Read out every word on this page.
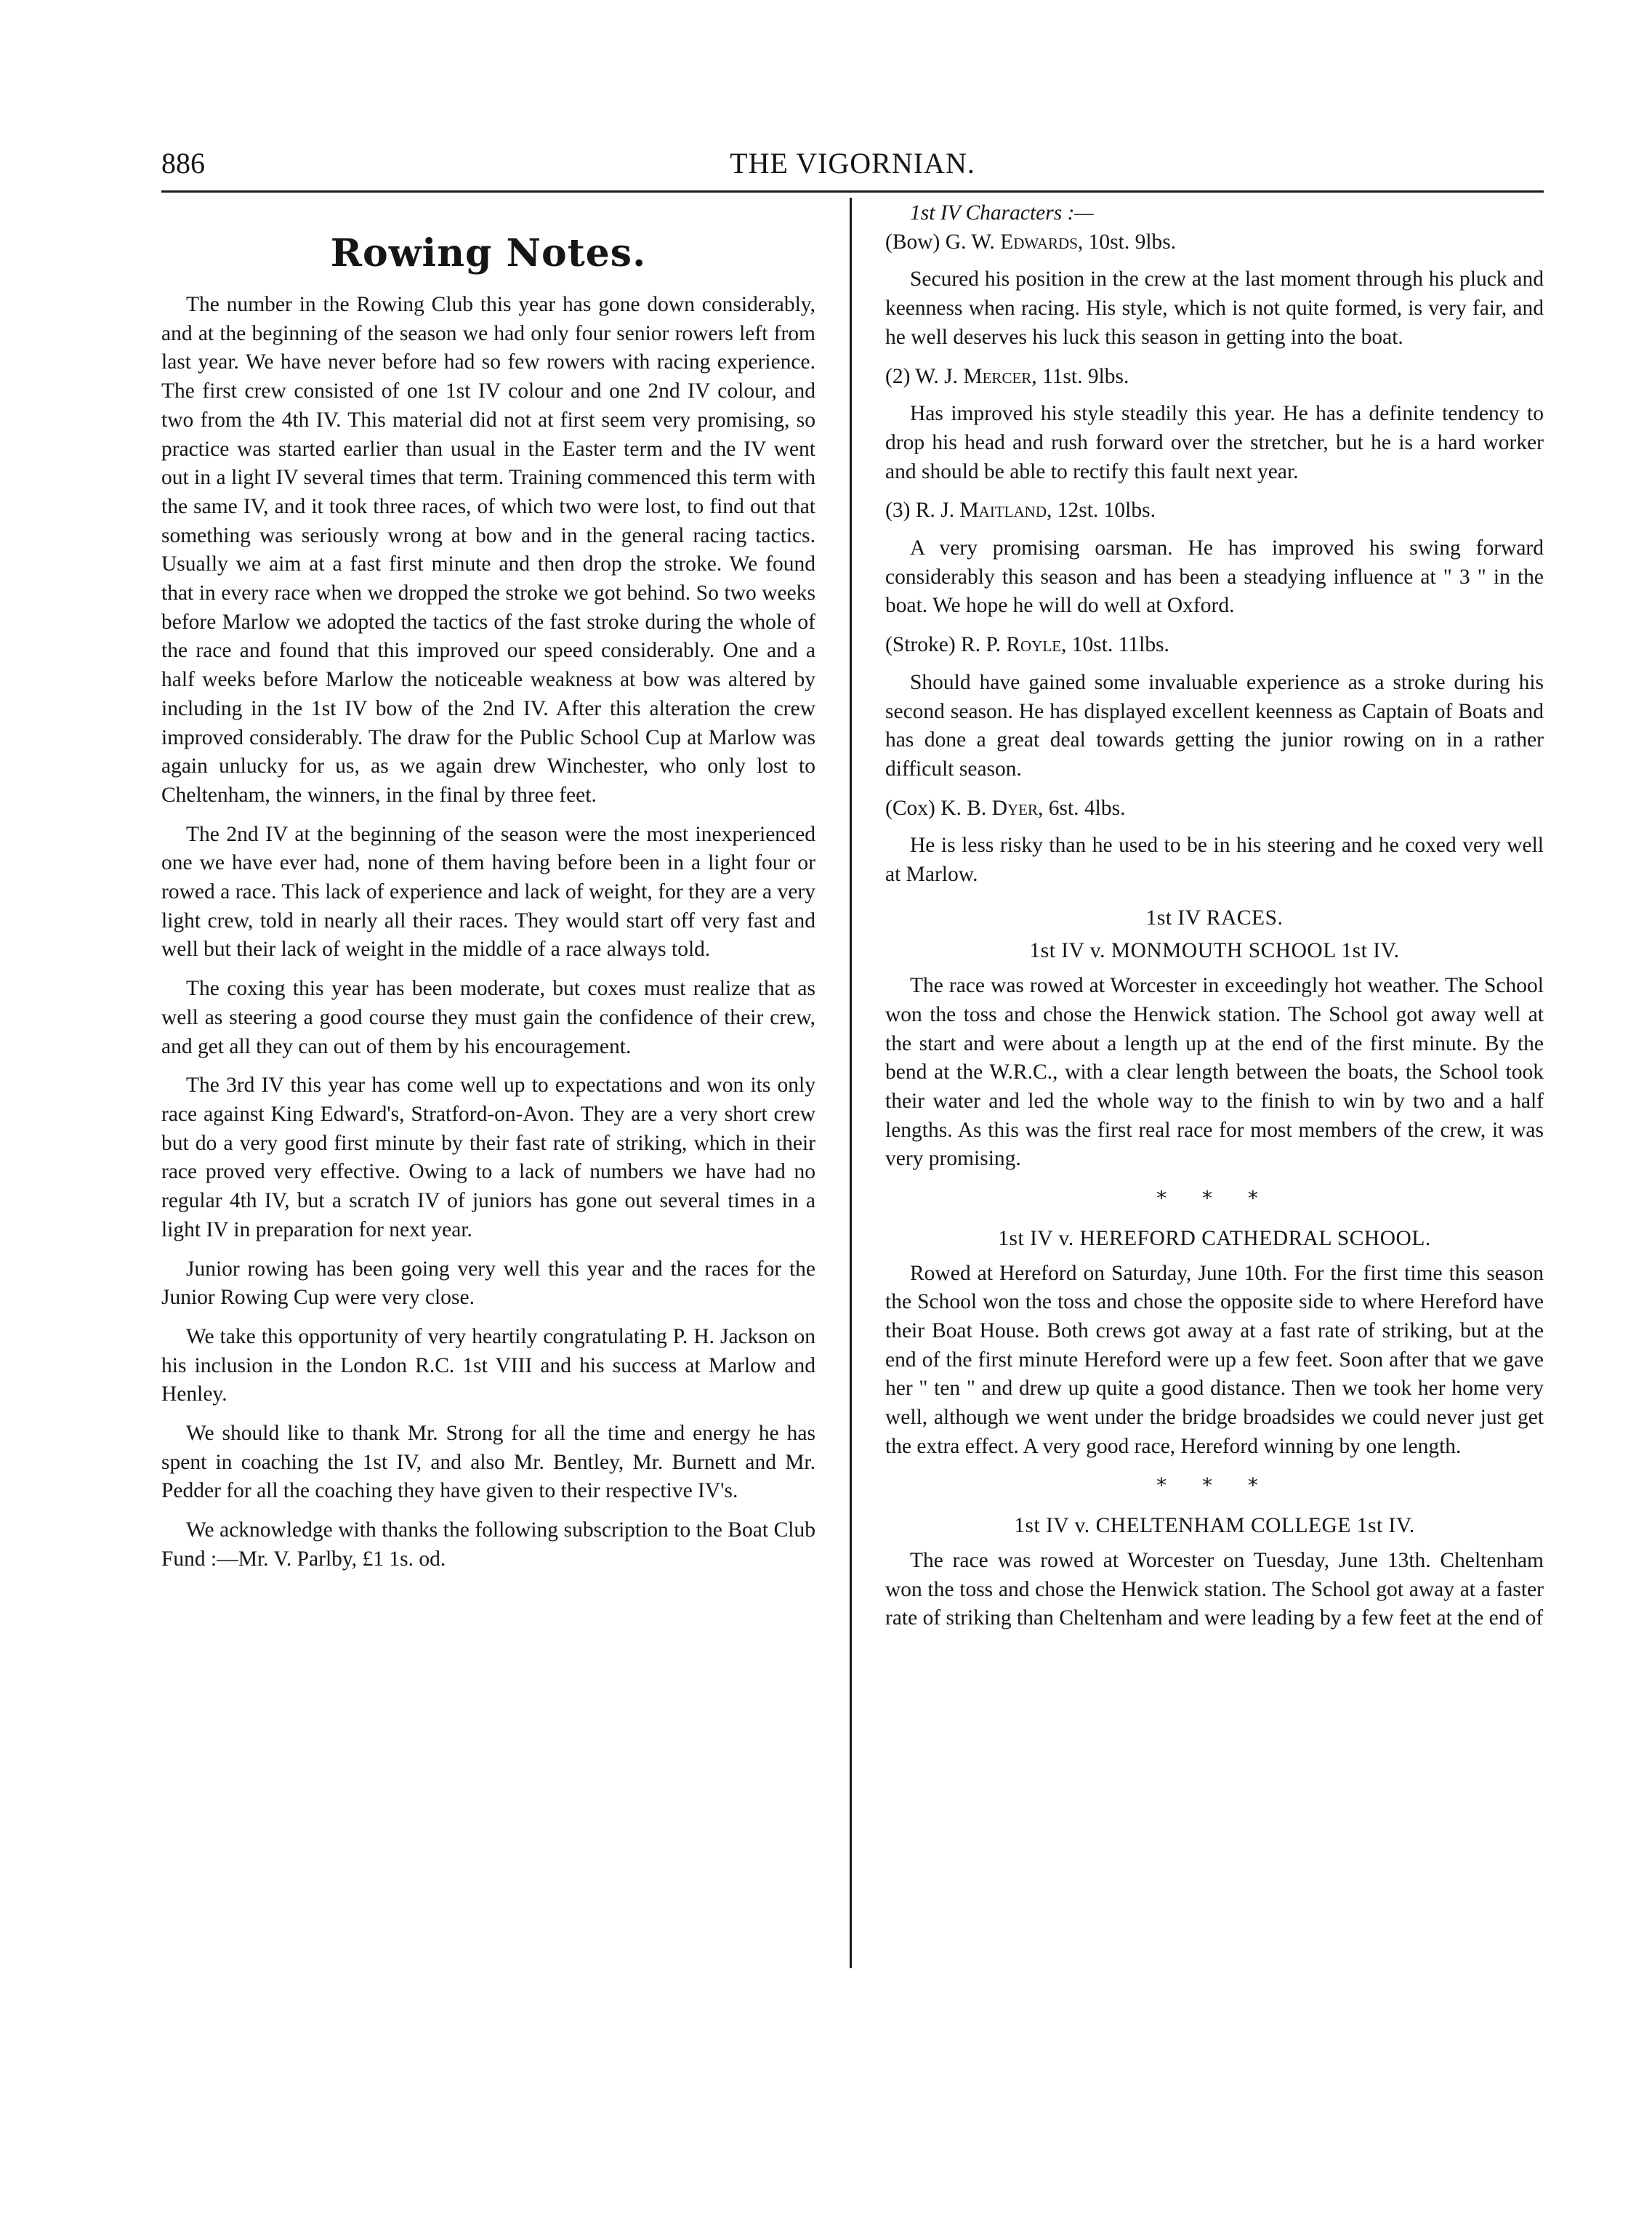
886	THE VIGORNIAN.
Rowing Notes.

The number in the Rowing Club this year has gone down considerably, and at the beginning of the season we had only four senior rowers left from last year. We have never before had so few rowers with racing experience. The first crew consisted of one 1st IV colour and one 2nd IV colour, and two from the 4th IV. This material did not at first seem very promising, so practice was started earlier than usual in the Easter term and the IV went out in a light IV several times that term. Training commenced this term with the same IV, and it took three races, of which two were lost, to find out that something was seriously wrong at bow and in the general racing tactics. Usually we aim at a fast first minute and then drop the stroke. We found that in every race when we dropped the stroke we got behind. So two weeks before Marlow we adopted the tactics of the fast stroke during the whole of the race and found that this improved our speed considerably. One and a half weeks before Marlow the noticeable weakness at bow was altered by including in the 1st IV bow of the 2nd IV. After this alteration the crew improved considerably. The draw for the Public School Cup at Marlow was again unlucky for us, as we again drew Winchester, who only lost to Cheltenham, the winners, in the final by three feet.

The 2nd IV at the beginning of the season were the most inexperienced one we have ever had, none of them having before been in a light four or rowed a race. This lack of experience and lack of weight, for they are a very light crew, told in nearly all their races. They would start off very fast and well but their lack of weight in the middle of a race always told.

The coxing this year has been moderate, but coxes must realize that as well as steering a good course they must gain the confidence of their crew, and get all they can out of them by his encouragement.

The 3rd IV this year has come well up to expectations and won its only race against King Edward's, Stratford-on-Avon. They are a very short crew but do a very good first minute by their fast rate of striking, which in their race proved very effective. Owing to a lack of numbers we have had no regular 4th IV, but a scratch IV of juniors has gone out several times in a light IV in preparation for next year.

Junior rowing has been going very well this year and the races for the Junior Rowing Cup were very close.

We take this opportunity of very heartily congratulating P. H. Jackson on his inclusion in the London R.C. 1st VIII and his success at Marlow and Henley.

We should like to thank Mr. Strong for all the time and energy he has spent in coaching the 1st IV, and also Mr. Bentley, Mr. Burnett and Mr. Pedder for all the coaching they have given to their respective IV's.

We acknowledge with thanks the following subscription to the Boat Club Fund :—Mr. V. Parlby, £1 1s. od.

1st IV Characters :—
(Bow) G. W. Edwards, 10st. 9lbs.

Secured his position in the crew at the last moment through his pluck and keenness when racing. His style, which is not quite formed, is very fair, and he well deserves his luck this season in getting into the boat.

(2) W. J. Mercer, 11st. 9lbs.

Has improved his style steadily this year. He has a definite tendency to drop his head and rush forward over the stretcher, but he is a hard worker and should be able to rectify this fault next year.

(3) R. J. Maitland, 12st. 10lbs.

A very promising oarsman. He has improved his swing forward considerably this season and has been a steadying influence at " 3 " in the boat. We hope he will do well at Oxford.

(Stroke) R. P. Royle, 10st. 11lbs.

Should have gained some invaluable experience as a stroke during his second season. He has displayed excellent keenness as Captain of Boats and has done a great deal towards getting the junior rowing on in a rather difficult season.

(Cox) K. B. Dyer, 6st. 4lbs.

He is less risky than he used to be in his steering and he coxed very well at Marlow.

1st IV RACES.
1st IV v. MONMOUTH SCHOOL 1st IV.

The race was rowed at Worcester in exceedingly hot weather. The School won the toss and chose the Henwick station. The School got away well at the start and were about a length up at the end of the first minute. By the bend at the W.R.C., with a clear length between the boats, the School took their water and led the whole way to the finish to win by two and a half lengths. As this was the first real race for most members of the crew, it was very promising.

* * *
1st IV v. HEREFORD CATHEDRAL SCHOOL.

Rowed at Hereford on Saturday, June 10th. For the first time this season the School won the toss and chose the opposite side to where Hereford have their Boat House. Both crews got away at a fast rate of striking, but at the end of the first minute Hereford were up a few feet. Soon after that we gave her " ten " and drew up quite a good distance. Then we took her home very well, although we went under the bridge broadsides we could never just get the extra effect. A very good race, Hereford winning by one length.

* * *
1st IV v. CHELTENHAM COLLEGE 1st IV.

The race was rowed at Worcester on Tuesday, June 13th. Cheltenham won the toss and chose the Henwick station. The School got away at a faster rate of striking than Cheltenham and were leading by a few feet at the end of
